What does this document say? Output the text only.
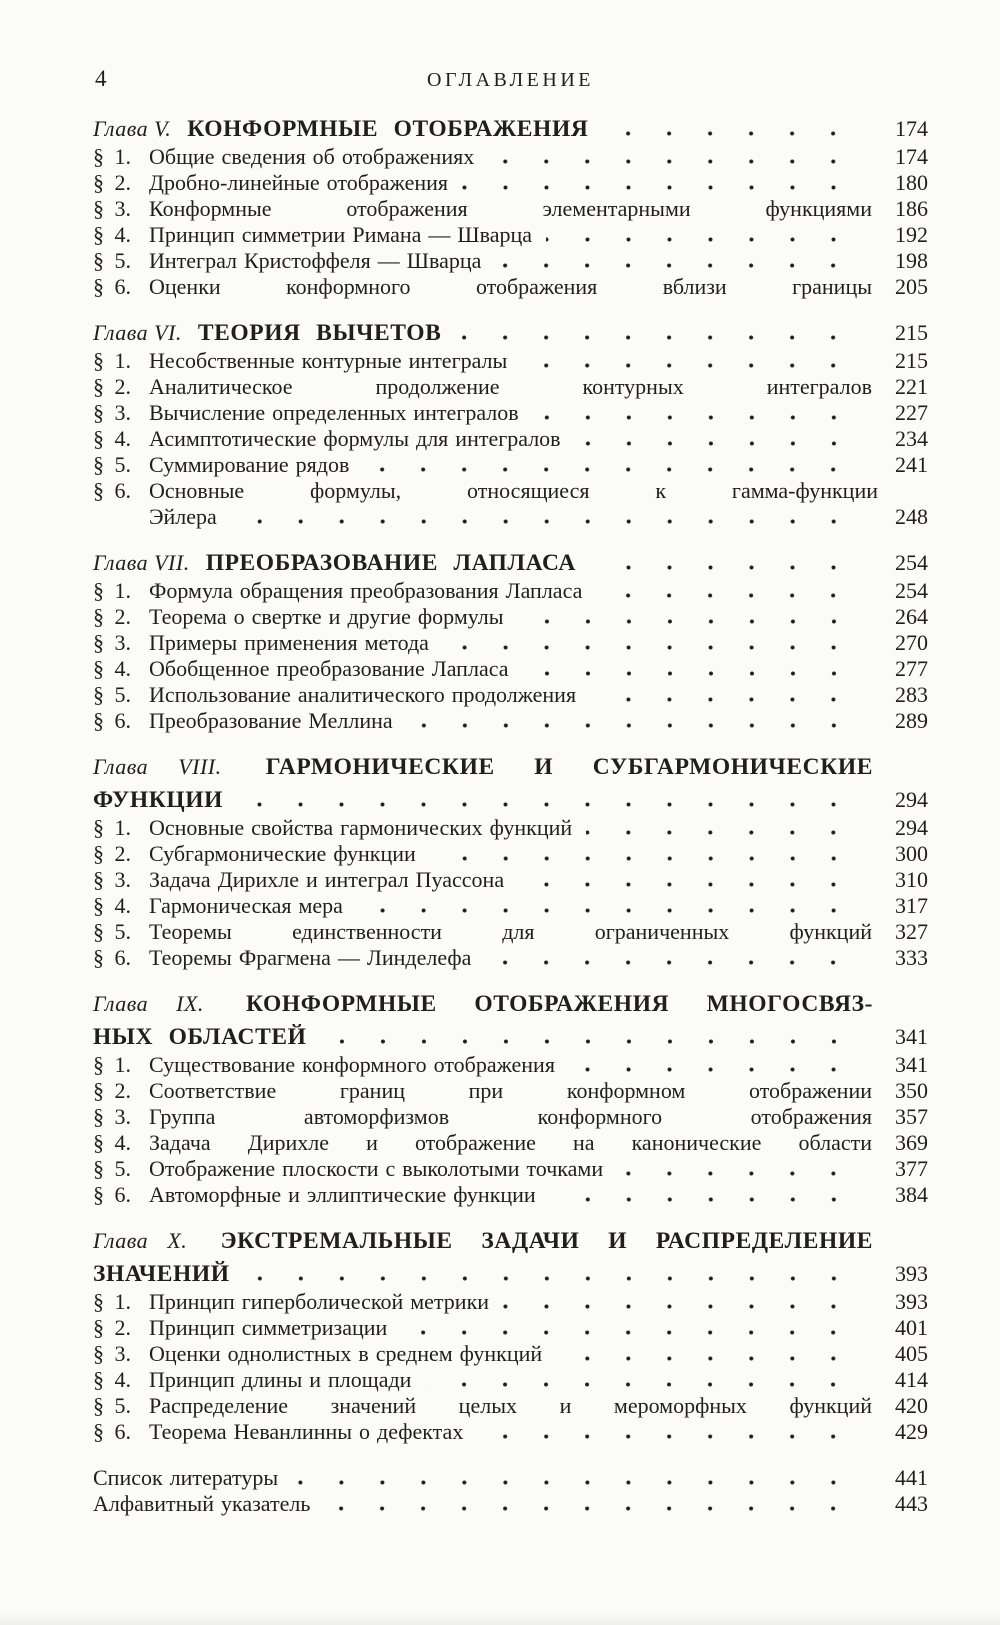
4	ОГЛАВЛЕНИЕ
Глава V. КОНФОРМНЫЕ ОТОБРАЖЕНИЯ	174
§ 1. Общие сведения об отображениях	174
§ 2. Дробно-линейные отображения	180
§ 3. Конформные отображения элементарными функциями	186
§ 4. Принцип симметрии Римана — Шварца	192
§ 5. Интеграл Кристоффеля — Шварца	198
§ 6. Оценки конформного отображения вблизи границы	205
Глава VI. ТЕОРИЯ ВЫЧЕТОВ	215
§ 1. Несобственные контурные интегралы	215
§ 2. Аналитическое продолжение контурных интегралов	221
§ 3. Вычисление определенных интегралов	227
§ 4. Асимптотические формулы для интегралов	234
§ 5. Суммирование рядов	241
§ 6. Основные формулы, относящиеся к гамма-функции
Эйлера	248
Глава VII. ПРЕОБРАЗОВАНИЕ ЛАПЛАСА	254
§ 1. Формула обращения преобразования Лапласа	254
§ 2. Теорема о свертке и другие формулы	264
§ 3. Примеры применения метода	270
§ 4. Обобщенное преобразование Лапласа	277
§ 5. Использование аналитического продолжения	283
§ 6. Преобразование Меллина	289
Глава VIII. ГАРМОНИЧЕСКИЕ И СУБГАРМОНИЧЕСКИЕ
ФУНКЦИИ	294
§ 1. Основные свойства гармонических функций	294
§ 2. Субгармонические функции	300
§ 3. Задача Дирихле и интеграл Пуассона	310
§ 4. Гармоническая мера	317
§ 5. Теоремы единственности для ограниченных функций	327
§ 6. Теоремы Фрагмена — Линделефа	333
Глава IX. КОНФОРМНЫЕ ОТОБРАЖЕНИЯ МНОГОСВЯЗ-
НЫХ ОБЛАСТЕЙ	341
§ 1. Существование конформного отображения	341
§ 2. Соответствие границ при конформном отображении	350
§ 3. Группа автоморфизмов конформного отображения	357
§ 4. Задача Дирихле и отображение на канонические области	369
§ 5. Отображение плоскости с выколотыми точками	377
§ 6. Автоморфные и эллиптические функции	384
Глава X. ЭКСТРЕМАЛЬНЫЕ ЗАДАЧИ И РАСПРЕДЕЛЕНИЕ
ЗНАЧЕНИЙ	393
§ 1. Принцип гиперболической метрики	393
§ 2. Принцип симметризации	401
§ 3. Оценки однолистных в среднем функций	405
§ 4. Принцип длины и площади	414
§ 5. Распределение значений целых и мероморфных функций	420
§ 6. Теорема Неванлинны о дефектах	429
Список литературы	441
Алфавитный указатель	443
